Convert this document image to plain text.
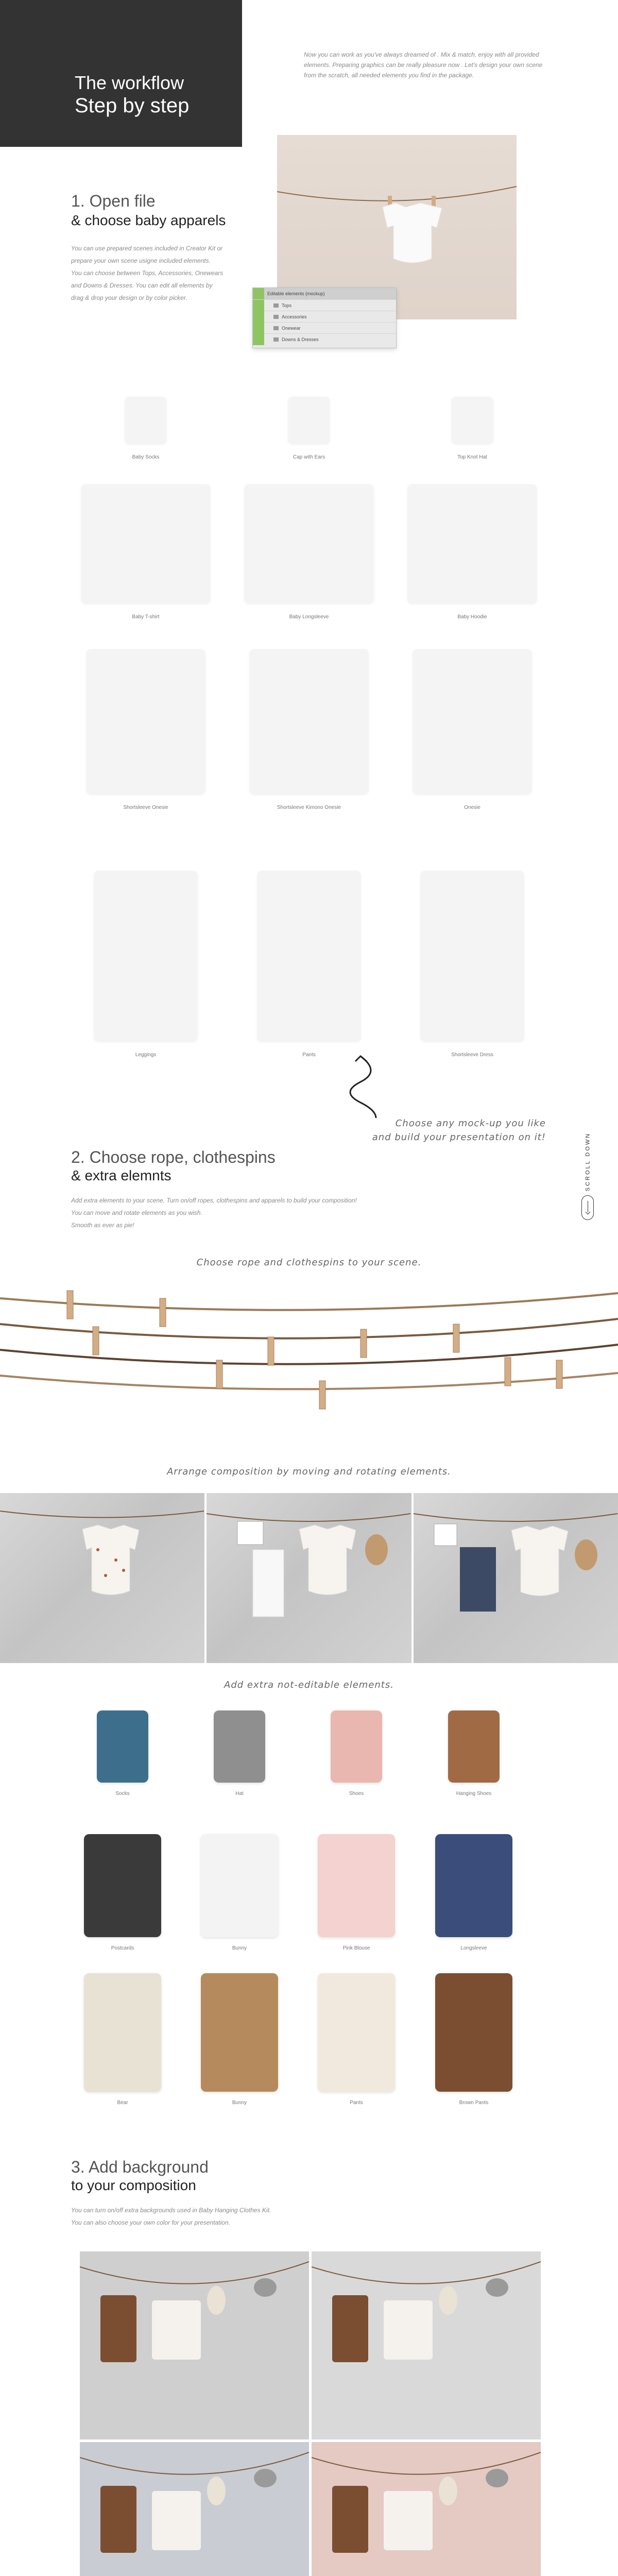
The workflow
Step by step
Now you can work as you've always dreamed of . Mix & match, enjoy with all provided elements. Preparing graphics can be really pleasure now . Let's design your own scene from the scratch, all needed elements you find in the package.
1. Open file
& choose baby apparels
You can use prepared scenes included in Creator Kit or
prepare your own scene usigne included elements.
You can choose between Tops, Accessories, Onewears
and Downs & Dresses. You can edit all elements by
drag & drop your design or by color picker.
Editable elements (mockup)
Tops
Accessories
Onewear
Downs & Dresses
Baby Socks	Cap with Ears	Top Knot Hat
Baby T-shirt	Baby Longsleeve	Baby Hoodie
Shortsleeve Onesie	Shortsleeve Kimono Onesie	Onesie
Leggings	Pants	Shortsleeve Dress
Choose any mock-up you like
and build your presentation on it!
2. Choose rope, clothespins
& extra elemnts
Add extra elements to your scene. Turn on/off ropes, clothespins and apparels to build your composition!
You can move and rotate elements as you wish.
Smooth as ever as pie!
SCROLL DOWN
Choose rope and clothespins to your scene.
Arrange composition by moving and rotating elements.
Add extra not-editable elements.
Socks	Hat	Shoes	Hanging Shoes
Postcards	Bunny	Pink Blouse	Longsleeve
Bear	Bunny	Pants	Brown Pants
3. Add background
to your composition
You can turn on/off extra backgrounds used in Baby Hanging Clothes Kit.
You can also choose your own color for your presentation.
